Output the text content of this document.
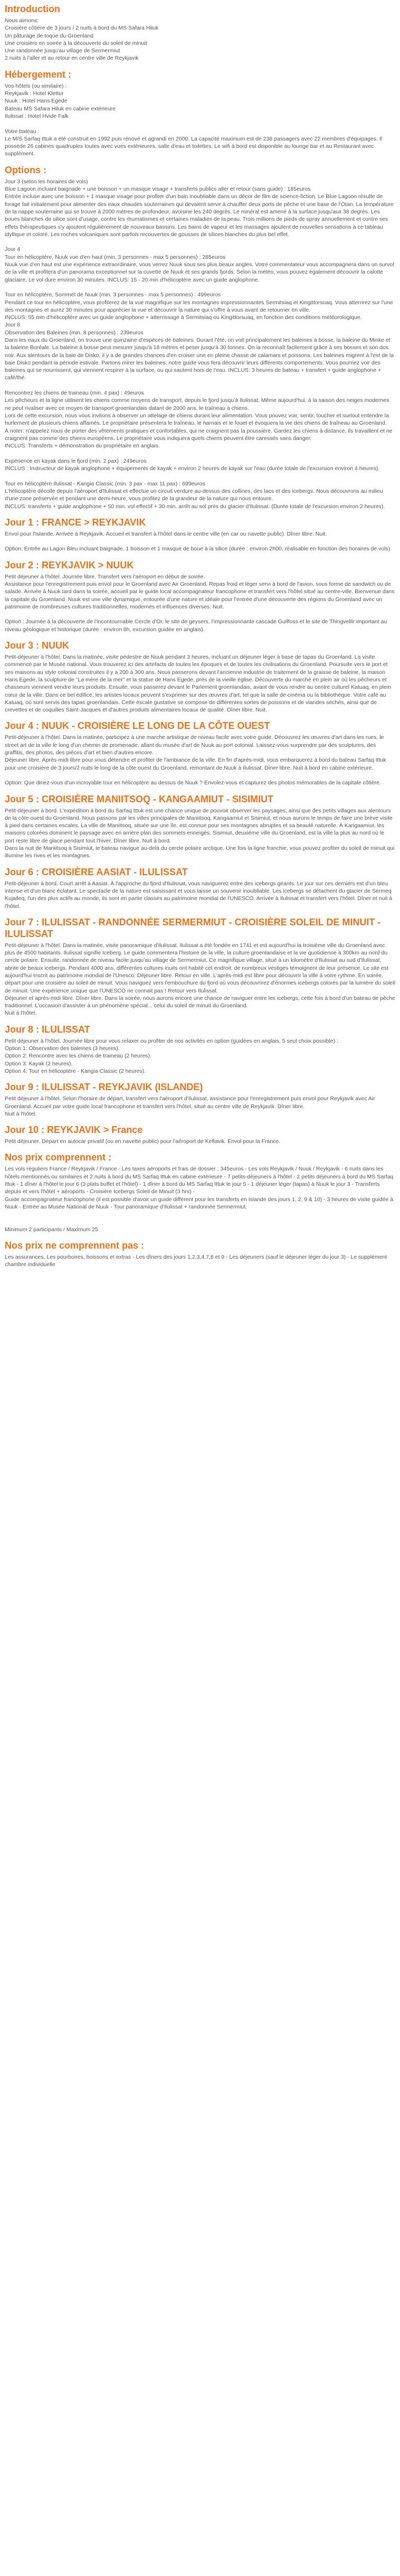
Introduction
Nous aimons:
Croisière côtière de 3 jours / 2 nuits à bord du MS Safara Hiluk
Un pâturage de toque du Groenland
Une croisière en soirée à la découverte du soleil de minuit
Une randonnée jusqu'au village de Sermermiut
2 nuits à l'aller et au retour en centre ville de Reykjavik
Hébergement :
Vos hôtels (ou similaire) :
Reykjavik : Hotel Klettur
Nuuk : Hotel Hans Egede
Bateau MS Safara Hiluk en cabine extérieure
Ilulissat : Hotel Hvide Falk
Votre bateau :
Le M/S Sarfaq Ittuk a été construit en 1992 puis rénové et agrandi en 2000. La capacité maximum est de 238 passagers avec 22 membres d'équipages. Il possède 26 cabines quadruples toutes avec vues extérieures, salle d'eau et toilettes. Le wifi à bord est disponible au lounge bar et au Restaurant avec supplément.
Options :
Jour 3 (selon les horaires de vols)
Blue Lagoon incluant baignade + une boisson + un masque visage + transferts publics aller et retour (sans guide) : 185euros
Entrée incluse avec une boisson + 1 masque visage pour profiter d'un bain inoubliable dans un décor de film de science-fiction. Le Blue Lagoon résulte de forage fait initialement pour alimenter des eaux chaudes souterraines qui devaient servir à chauffer deux ports de pêche et une base de l'Otan. La température de la nappe souterraine qui se trouve à 2000 mètres de profondeur, avoisine les 240 degrés. Le minéral est amené à la surface jusqu'aux 38 degrés. Les boues blanches de silice sont d'usage, contre les rhumatismes et certaines maladies de la peau. Trois millions de pieds de spray annuellement et contre ses effets thérapeutiques s'y ajoutent régulièrement de nouveaux bassins. Les bains de vapeur et les massages ajoutent de nouvelles sensations à ce tableau idyllique et coloré. Les roches volcaniques sont parfois recouvertes de gousses de silices blanches du plus bel effet.
Jour 4
Tour en hélicoptère, Nuuk vue d'en haut (min. 3 personnes - max 5 personnes) : 285euros
Nuuk vue d'en haut est une expérience extraordinaire, vous verrez Nuuk sous ses plus beaux angles. Votre commentateur vous accompagnera dans un survol de la ville et profitera d'un panorama exceptionnel sur la cuvette de Nuuk et ses grands fjords. Selon la météo, vous pouvez également découvrir la calotte glaciaire. Le vol dure environ 30 minutes. INCLUS: 15 - 20 min d'hélicoptère avec un guide anglophone.
Tour en hélicoptère, Sommet de Nuuk (min. 3 personnes - max 5 personnes) : 499euros
Pendant ce tour en hélicoptère, vous profiterez de la vue magnifique sur les montagnes impressionnantes Sermitsiaq et Kingittorsuaq. Vous atterrirez sur l'une des montagnes et aurez 30 minutes pour apprécier la vue et découvrir la nature qui s'offre à vous avant de retourner en ville.
INCLUS: 55 min d'hélicoptère avec un guide anglophone + atterrissage à Sermitsiaq ou Kingittorsuaq, en fonction des conditions météorologique.
Jour 8
Observation des Baleines (min. 8 personnes) : 239euros
Dans les eaux du Groenland, on trouve une quinzaine d'espèces de baleines. Durant l'été, on voit principalement les baleines à bosse, la baleine du Minke et la baleine Boréale. La baleine à bosse peut mesurer jusqu'à 18 mètres et peser jusqu'à 30 tonnes. On la reconnaît facilement grâce à ses bosses et son dos noir. Aux alentours de la baie de Disko, il y a de grandes chances d'en croiser une en pleine chasse de calamars et poissons. Les baleines migrent à l'est de la baie Disko pendant la période estivale. Partons mirer les baleines, notre guide vous fera découvrir leurs différents comportements. Vous pourriez voir des baleines qui se nourrissent, qui viennent respirer à la surface, ou qui sautent hors de l'eau. INCLUS: 3 heures de bateau + transfert + guide anglophone + café/thé.
Rencontrez les chiens de traineau (min. 4 pax) : 49euros
Les pêcheurs et la ligne utilisent les chiens comme moyens de transport, depuis le fjord jusqu'à Ilulissat. Même aujourd'hui, à la saison des neiges modernes ne peut rivaliser avec ce moyen de transport groenlandais datant de 2000 ans, le traîneau à chiens.
Lors de cette excursion, nous vous invitons à observer un attelage de chiens durant leur alimentation. Vous pouvez voir, sentir, toucher et surtout entendre la hurlement de plusieurs chiens affamés. Le propriétaire présentera le traîneau, le harnais et le fouet et évoquera la vie des chiens de traîneau au Groenland.
À noter: n'appelez nous de porter des vêtements pratiques et confortables, qui ne craignent pas la poussière. Gardez les chiens à distance, ils travaillent et ne craignent pas comme des chiens européens. Le propriétaire vous indiquera quels chiens peuvent être caressés sans danger.
INCLUS: Transferts + démonstration du propriétaire en anglais.
Expérience en kayak dans le fjord (min. 2 pax) : 249euros
INCLUS : Instructeur de kayak anglophone + équipements de kayak + environ 2 heures de kayak sur l'eau (durée totale de l'excursion environ 4 heures).
Tour en hélicoptère Ilulissat - Kangia Classic (min. 3 pax - max 11 pax) : 699euros
L'hélicoptère décolle depuis l'aéroport d'Ilulissat et effectue un circuit verdure au-dessus des collines, des lacs et des icebergs. Nous découvrons au milieu d'une zone préservée et pendant une demi-heure, vous profitez de la grandeur de la nature qui nous entoure.
INCLUS: transferts + guide anglophone + 50 min. vol effectif + 30 min. arrêt au sol près du glacier d'Ilulissat. (Durée totale de l'excursion environ 2 heures).
Jour 1 : FRANCE > REYKJAVIK
Envol pour l'Islande. Arrivée à Reykjavik. Accueil et transfert à l'hôtel dans le centre ville (en car ou navette public). Dîner libre. Nuit.
Option: Entrée au Lagon Bleu incluant baignade, 1 boisson et 1 masque de boue à la silice (durée : environ 2h00, réalisable en fonction des horaires de vols).
Jour 2 : REYKJAVIK > NUUK
Petit déjeuner à l'hôtel. Journée libre. Transfert vers l'aéroport en début de soirée.
Assistance pour l'enregistrement puis envol pour le Groenland avec Air Groenland. Repas froid et léger servi à bord de l'avion, sous forme de sandwich ou de salade. Arrivée à Nuuk tard dans la soirée, accueil par le guide local accompagnateur francophone et transfert vers l'hôtel situé au centre-ville. Bienvenue dans la capitale du Groenland. Nuuk est une ville dynamique, entourée d'une nature et idéale pour l'entrée d'une découverte des régions du Groenland avec un patrimoine de nombreuses cultures traditionnelles, modernes et influences diverses. Nuit.
Option : Journée à la découverte de l'incontournable Cercle d'Or, le site de geysers, l'impressionnante cascade Gullfoss et le site de Thingvellir important au niveau géologique et historique (durée : environ 8h, excursion guidée en anglais).
Jour 3 : NUUK
Petit-déjeuner à l'hôtel. Dans la matinée, visite pédestre de Nuuk pendant 3 heures, incluant un déjeuner léger à base de tapas du Groenland. La visite commence par le Musée national. Vous trouverez ici des artefacts de toutes les époques et de toutes les civilisations du Groenland. Poursuite vers le port et ses maisons au style colonial construites il y a 200 à 300 ans. Nous passerons devant l'ancienne industrie de traitement de la graisse de baleine, la maison Hans Egede, la sculpture de "La mère de la mer" et la statue de Hans Egede, près de la vieille église. Découverte du marché en plein air où les pêcheurs et chasseurs viennent vendre leurs produits. Ensuite, vous passerez devant le Parlement groenlandais, avant de vous rendre au centre culturel Katuaq, en plein cœur de la ville. Dans ce bel édifice, les artistes locaux peuvent s'exprimer sur des œuvres d'art, tel que la salle de cinéma ou la bibliothèque. Votre café au Katuaq, où sont servis des tapas groenlandais. Cette escale gustative se compose de différentes sortes de poissons et de viandes séchés, ainsi que de crevettes et de coquilles Saint-Jacques et d'autres produits alimentaires locaux de qualité. Dîner libre. Nuit.
Jour 4 : NUUK - CROISIÈRE LE LONG DE LA CÔTE OUEST
Petit-déjeuner à l'hôtel. Dans la matinée, participez à une marche artistique de niveau facile avec votre guide. Découvrez les œuvres d'art dans les rues, le street art de la ville le long d'un chemin de promenade, allant du musée d'art de Nuuk au port colonial. Laissez-vous surprendre par des sculptures, des graffitis, des photos, des pièces d'art et bien d'autres encore.
Déjeuner libre. Après-midi libre pour vous détendre et profiter de l'ambiance de la ville. En fin d'après-midi, vous embarquerez à bord du bateau Sarfaq Ittuk pour une croisière de 3 jours/2 nuits le long de la côte ouest du Groenland, remontant de Nuuk à Ilulissat. Dîner libre. Nuit à bord en cabine extérieure.
Option: Que diriez-vous d'un incroyable tour en hélicoptère au dessus de Nuuk ? Envolez-vous et capturez des photos mémorables de la capitale côtière.
Jour 5 : CROISIÈRE MANIITSOQ - KANGAAMIUT - SISIMIUT
Petit-déjeuner à bord. L'expédition à bord du Sarfaq Ittuk est une chance unique de pouvoir observer les paysages, ainsi que des petits villages aux alentours de la côte ouest du Groenland. Nous passons par les villes principales de Maniitsoq, Kangaamiut et Sisimiut, et nous aurons le temps de faire une brève visite à pied dans certaines escales. La ville de Maniitsoq, située sur une île, est connue pour ses montagnes abruptes et sa beauté naturelle. À Kangaamiut, les maisons colorées dominent le paysage avec en arrière plan des sommets enneigés. Sisimiut, deuxième ville du Groenland, est la ville la plus au nord où le port reste libre de glace pendant tout l'hiver. Dîner libre. Nuit à bord.
Dans la nuit de Maniitsoq à Sisimiut, le bateau navigue au-delà du cercle polaire arctique. Une fois la ligne franchie, vous pouvez profiter du soleil de minuit qui illumine les rives et les montagnes.
Jour 6 : CROISIÈRE AASIAT - ILULISSAT
Petit-déjeuner à bord. Court arrêt à Aasiat. À l'approche du fjord d'Ilulissat, vous naviguerez entre des icebergs géants. Le jour sur ces derniers est d'un bleu intense et d'un blanc éclatant. Le spectacle de la nature est saisissant et vous laisse un souvenir inoubliable. Les icebergs se détachent du glacier de Sermeq Kujalleq, l'un des plus actifs au monde, ils sont en partie classés au patrimoine mondial de l'UNESCO. Arrivée à Ilulissat et transfert vers l'hôtel. Dîner et nuit à l'hôtel.
Jour 7 : ILULISSAT - RANDONNÉE SERMERMIUT - CROISIÈRE SOLEIL DE MINUIT - ILULISSAT
Petit-déjeuner à l'hôtel. Dans la matinée, visite panoramique d'Ilulissat. Ilulissat a été fondée en 1741 et est aujourd'hui la troisième ville du Groenland avec plus de 4500 habitants. Ilulissat signifie Iceberg. Le guide commentera l'histoire de la ville, la culture groenlandaise et la vie quotidienne à 300km au nord du cercle polaire. Ensuite, randonnée de niveau facile jusqu'au village de Sermermiut. Ce magnifique village, situé à un kilomètre d'Ilulissat au sud d'Ilulissat, abrite de beaux icebergs. Pendant 4000 ans, différentes cultures inuits ont habité cet endroit, de nombreux vestiges témoignent de leur présence. Le site est aujourd'hui inscrit au patrimoine mondial de l'Unesco. Déjeuner libre. Retour en ville. L'après-midi est libre pour découvrir la ville à votre rythme. En soirée, départ pour une croisière au soleil de minuit. Vous naviguez vers l'embouchure du fjord où vous découvrirez d'énormes icebergs colorés par la lumière du soleil de minuit. Une expérience unique que l'UNESCO ne connait pas ! Retour vers Ilulissat.
Déjeuner et après-midi libre. Dîner libre. Dans la soirée, nous aurons encore une chance de naviguer entre les icebergs, cette fois à bord d'un bateau de pêche traditionnel. L'occasion d'assister à un phénomène spécial... celui du soleil de minuit du Groenland.
Nuit à l'hôtel.
Jour 8 : ILULISSAT
Petit déjeuner à l'hôtel. Journée libre pour vous relaxer ou profiter de nos activités en option (guidées en anglais, 5 seul choix possible) :
Option 1: Observation des baleines (3 heures).
Option 2: Rencontre avec les chiens de traineau (2 heures).
Option 3: Kayak (2 heures).
Option 4: Tour en hélicoptère - Kangia Classic (2 heures).
Jour 9 : ILULISSAT - REYKJAVIK (ISLANDE)
Petit déjeuner à l'hôtel. Selon l'horaire de départ, transfert vers l'aéroport d'Ilulissat, assistance pour l'enregistrement puis envol pour Reykjavik avec Air Groenland. Accueil par votre guide local francophone et transfert vers l'hôtel, situé au centre ville de Reykjavik. Dîner libre.
Nuit à l'hôtel.
Jour 10 : REYKJAVIK > France
Petit déjeuner. Départ en autocar privatif (ou en navette public) pour l'aéroport de Keflavik. Envol pour la France.
Nos prix comprennent :
Les vols réguliers France / Reykjavik / France - Les taxes aéroports et frais de dossier : 345euros - Les vols Reykjavik / Nuuk / Reykjavik - 6 nuits dans les hôtels mentionnés ou similaires et 2 nuits à bord du MS Sarfaq Ittuk en cabine extérieure - 7 petits-déjeuners à l'hôtel - 2 petits déjeuners à bord du MS Sarfaq Ittuk - 1 dîner à l'hôtel le jour 6 (3 plats buffet et l'hôtel) - 1 dîner à bord du MS Sarfaq Ittuk le jour 5 - 1 déjeuner léger (tapas) à Nuuk le jour 3 - Transferts depuis et vers l'hôtel + aéroports - Croisière Icebergs Soleil de Minuit (3 hrs) -
Guide accompagnateur francophone (il est possible d'avoir un guide différent pour les transferts en Islande des jours 1, 2, 9 & 10) - 3 heures de visite guidée à Nuuk - Entrée au Musée National de Nuuk - Tour panoramique d'Ilulissat + randonnée Sermermiut.
Minimum 2 participants / Maximum 25
Nos prix ne comprennent pas :
Les assurances, Les pourboires, boissons et extras - Les dîners des jours 1,2,3,4,7,8 et 9 - Les déjeuners (sauf le déjeuner léger du jour 3) - Le supplément chambre individuelle
